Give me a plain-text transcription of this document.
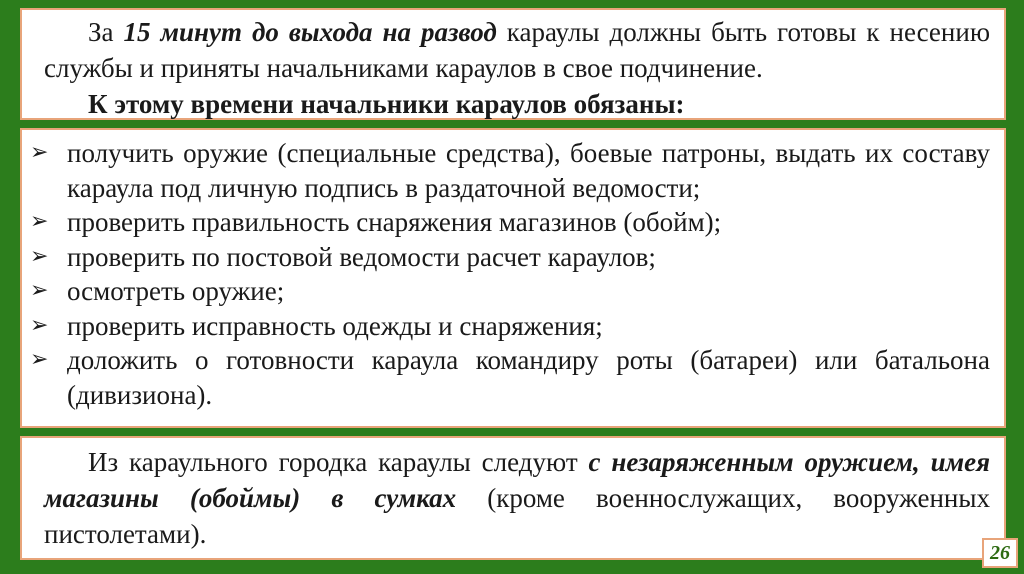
За 15 минут до выхода на развод караулы должны быть готовы к несению службы и приняты начальниками караулов в свое подчинение.

К этому времени начальники караулов обязаны:

➢ получить оружие (специальные средства), боевые патроны, выдать их составу караула под личную подпись в раздаточной ведомости;
➢ проверить правильность снаряжения магазинов (обойм);
➢ проверить по постовой ведомости расчет караулов;
➢ осмотреть оружие;
➢ проверить исправность одежды и снаряжения;
➢ доложить о готовности караула командиру роты (батареи) или батальона (дивизиона).

Из караульного городка караулы следуют с незаряженным оружием, имея магазины (обоймы) в сумках (кроме военнослужащих, вооруженных пистолетами).

26
